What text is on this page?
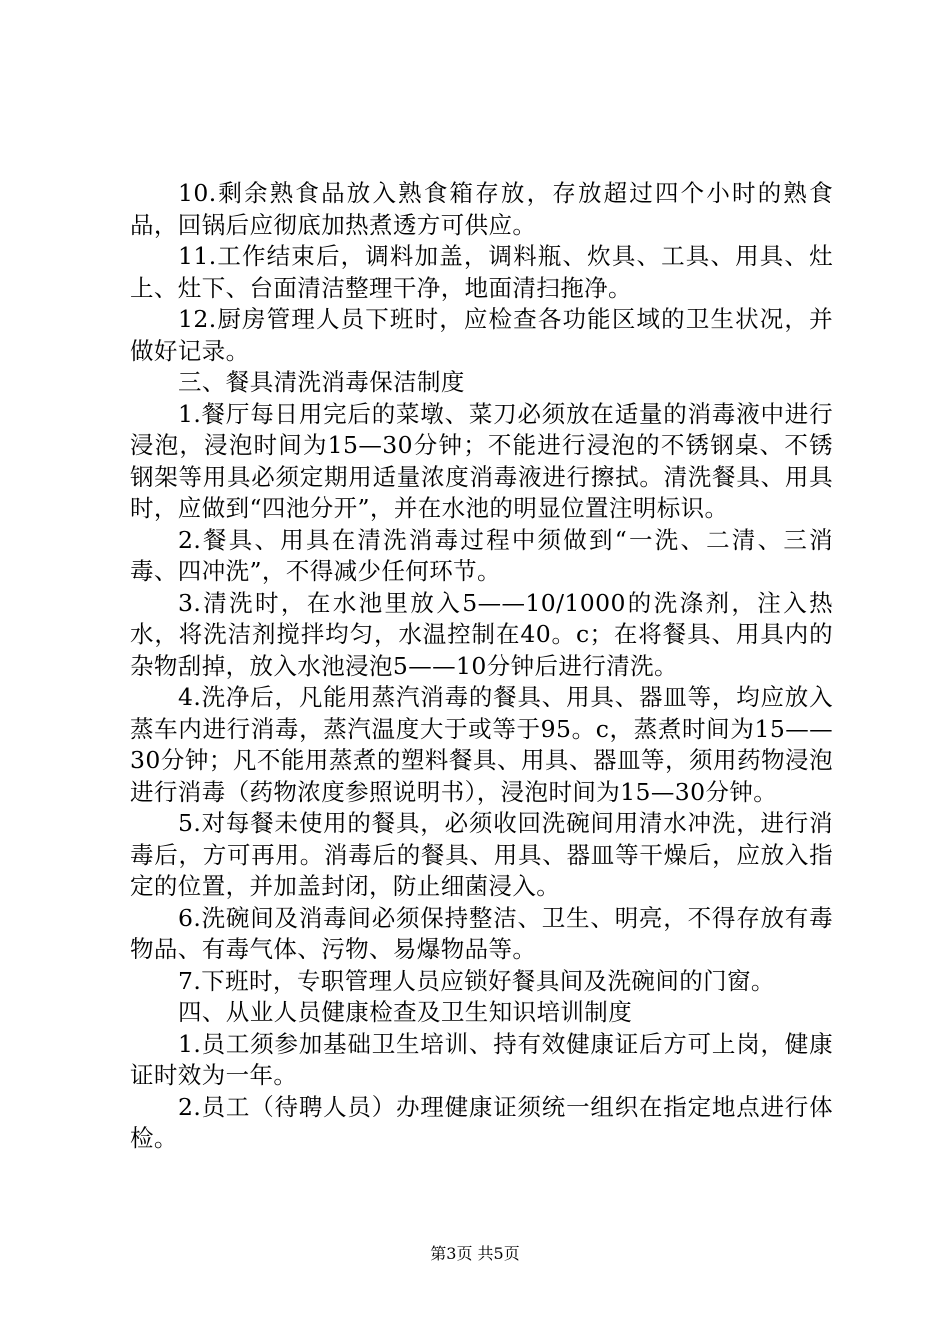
10.剩余熟食品放入熟食箱存放，存放超过四个小时的熟食品，回锅后应彻底加热煮透方可供应。

11.工作结束后，调料加盖，调料瓶、炊具、工具、用具、灶上、灶下、台面清洁整理干净，地面清扫拖净。

12.厨房管理人员下班时，应检查各功能区域的卫生状况，并做好记录。

三、餐具清洗消毒保洁制度

1.餐厅每日用完后的菜墩、菜刀必须放在适量的消毒液中进行浸泡，浸泡时间为15—30分钟；不能进行浸泡的不锈钢桌、不锈钢架等用具必须定期用适量浓度消毒液进行擦拭。清洗餐具、用具时，应做到“四池分开”，并在水池的明显位置注明标识。

2.餐具、用具在清洗消毒过程中须做到“一洗、二清、三消毒、四冲洗”，不得减少任何环节。

3.清洗时，在水池里放入5——10/1000的洗涤剂，注入热水，将洗洁剂搅拌均匀，水温控制在40。c；在将餐具、用具内的杂物刮掉，放入水池浸泡5——10分钟后进行清洗。

4.洗净后，凡能用蒸汽消毒的餐具、用具、器皿等，均应放入蒸车内进行消毒，蒸汽温度大于或等于95。c，蒸煮时间为15——30分钟；凡不能用蒸煮的塑料餐具、用具、器皿等，须用药物浸泡进行消毒（药物浓度参照说明书），浸泡时间为15—30分钟。

5.对每餐未使用的餐具，必须收回洗碗间用清水冲洗，进行消毒后，方可再用。消毒后的餐具、用具、器皿等干燥后，应放入指定的位置，并加盖封闭，防止细菌浸入。

6.洗碗间及消毒间必须保持整洁、卫生、明亮，不得存放有毒物品、有毒气体、污物、易爆物品等。

7.下班时，专职管理人员应锁好餐具间及洗碗间的门窗。

四、从业人员健康检查及卫生知识培训制度

1.员工须参加基础卫生培训、持有效健康证后方可上岗，健康证时效为一年。

2.员工（待聘人员）办理健康证须统一组织在指定地点进行体检。

第3页 共5页
